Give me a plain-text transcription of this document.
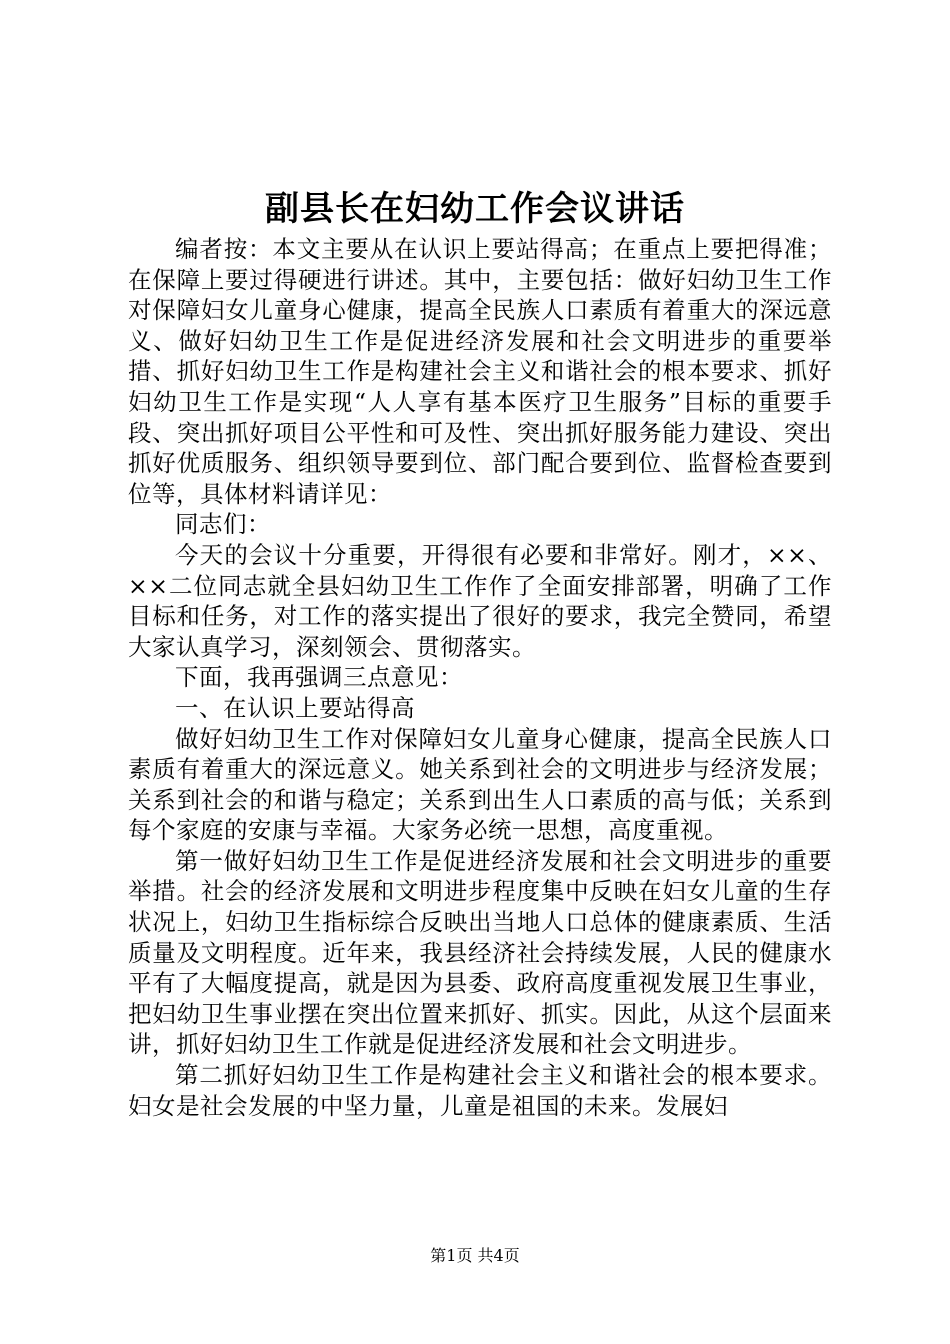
副县长在妇幼工作会议讲话

编者按：本文主要从在认识上要站得高；在重点上要把得准；在保障上要过得硬进行讲述。其中，主要包括：做好妇幼卫生工作对保障妇女儿童身心健康，提高全民族人口素质有着重大的深远意义、做好妇幼卫生工作是促进经济发展和社会文明进步的重要举措、抓好妇幼卫生工作是构建社会主义和谐社会的根本要求、抓好妇幼卫生工作是实现“人人享有基本医疗卫生服务”目标的重要手段、突出抓好项目公平性和可及性、突出抓好服务能力建设、突出抓好优质服务、组织领导要到位、部门配合要到位、监督检查要到位等，具体材料请详见：

同志们：

今天的会议十分重要，开得很有必要和非常好。刚才，××、××二位同志就全县妇幼卫生工作作了全面安排部署，明确了工作目标和任务，对工作的落实提出了很好的要求，我完全赞同，希望大家认真学习，深刻领会、贯彻落实。

下面，我再强调三点意见：

一、在认识上要站得高

做好妇幼卫生工作对保障妇女儿童身心健康，提高全民族人口素质有着重大的深远意义。她关系到社会的文明进步与经济发展；关系到社会的和谐与稳定；关系到出生人口素质的高与低；关系到每个家庭的安康与幸福。大家务必统一思想，高度重视。

第一做好妇幼卫生工作是促进经济发展和社会文明进步的重要举措。社会的经济发展和文明进步程度集中反映在妇女儿童的生存状况上，妇幼卫生指标综合反映出当地人口总体的健康素质、生活质量及文明程度。近年来，我县经济社会持续发展，人民的健康水平有了大幅度提高，就是因为县委、政府高度重视发展卫生事业，把妇幼卫生事业摆在突出位置来抓好、抓实。因此，从这个层面来讲，抓好妇幼卫生工作就是促进经济发展和社会文明进步。

第二抓好妇幼卫生工作是构建社会主义和谐社会的根本要求。妇女是社会发展的中坚力量，儿童是祖国的未来。发展妇

第1页 共4页
